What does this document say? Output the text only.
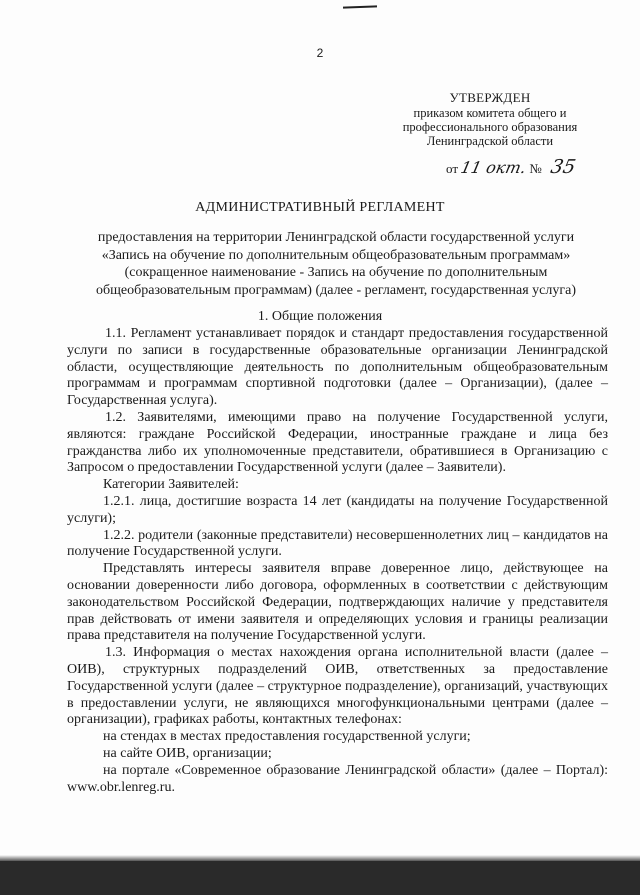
2
УТВЕРЖДЕН
приказом комитета общего и
профессионального образования
Ленинградской области
от 11 окт. № 35
АДМИНИСТРАТИВНЫЙ РЕГЛАМЕНТ
предоставления на территории Ленинградской области государственной услуги
«Запись на обучение по дополнительным общеобразовательным программам»
(сокращенное наименование - Запись на обучение по дополнительным
общеобразовательным программам) (далее - регламент, государственная услуга)
1. Общие положения

1.1. Регламент устанавливает порядок и стандарт предоставления государственной услуги по записи в государственные образовательные организации Ленинградской области, осуществляющие деятельность по дополнительным общеобразовательным программам и программам спортивной подготовки (далее – Организации), (далее – Государственная услуга).

1.2. Заявителями, имеющими право на получение Государственной услуги, являются: граждане Российской Федерации, иностранные граждане и лица без гражданства либо их уполномоченные представители, обратившиеся в Организацию с Запросом о предоставлении Государственной услуги (далее – Заявители).

Категории Заявителей:

1.2.1. лица, достигшие возраста 14 лет (кандидаты на получение Государственной услуги);

1.2.2. родители (законные представители) несовершеннолетних лиц – кандидатов на получение Государственной услуги.

Представлять интересы заявителя вправе доверенное лицо, действующее на основании доверенности либо договора, оформленных в соответствии с действующим законодательством Российской Федерации, подтверждающих наличие у представителя прав действовать от имени заявителя и определяющих условия и границы реализации права представителя на получение Государственной услуги.

1.3. Информация о местах нахождения органа исполнительной власти (далее – ОИВ), структурных подразделений ОИВ, ответственных за предоставление Государственной услуги (далее – структурное подразделение), организаций, участвующих в предоставлении услуги, не являющихся многофункциональными центрами (далее – организации), графиках работы, контактных телефонах:

на стендах в местах предоставления государственной услуги;

на сайте ОИВ, организации;

на портале «Современное образование Ленинградской области» (далее – Портал): www.obr.lenreg.ru.
